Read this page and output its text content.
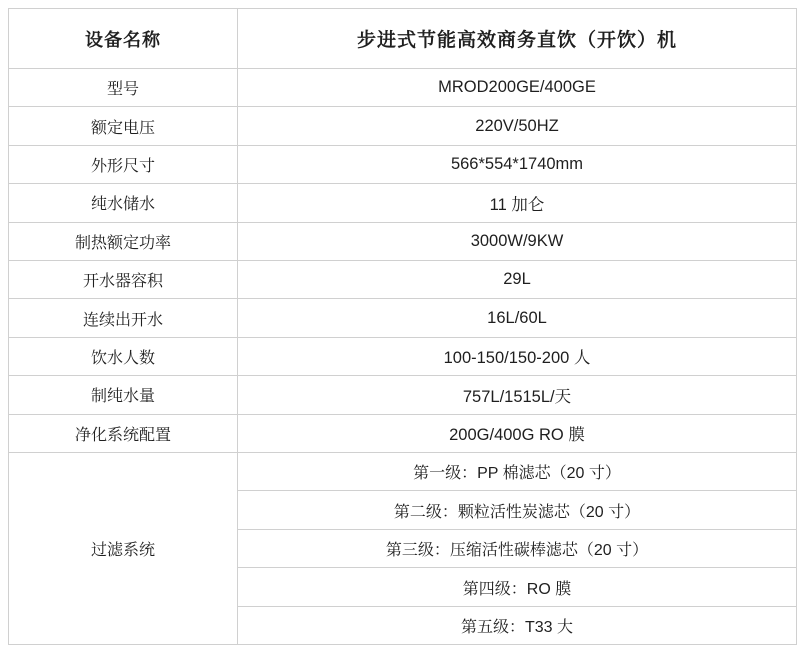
设备名称	步进式节能高效商务直饮（开饮）机
型号	MROD200GE/400GE
额定电压	220V/50HZ
外形尺寸	566*554*1740mm
纯水储水	11 加仑
制热额定功率	3000W/9KW
开水器容积	29L
连续出开水	16L/60L
饮水人数	100-150/150-200 人
制纯水量	757L/1515L/天
净化系统配置	200G/400G RO 膜
过滤系统	第一级：PP 棉滤芯（20 寸）
	第二级：颗粒活性炭滤芯（20 寸）
	第三级：压缩活性碳棒滤芯（20 寸）
	第四级：RO 膜
	第五级：T33 大
